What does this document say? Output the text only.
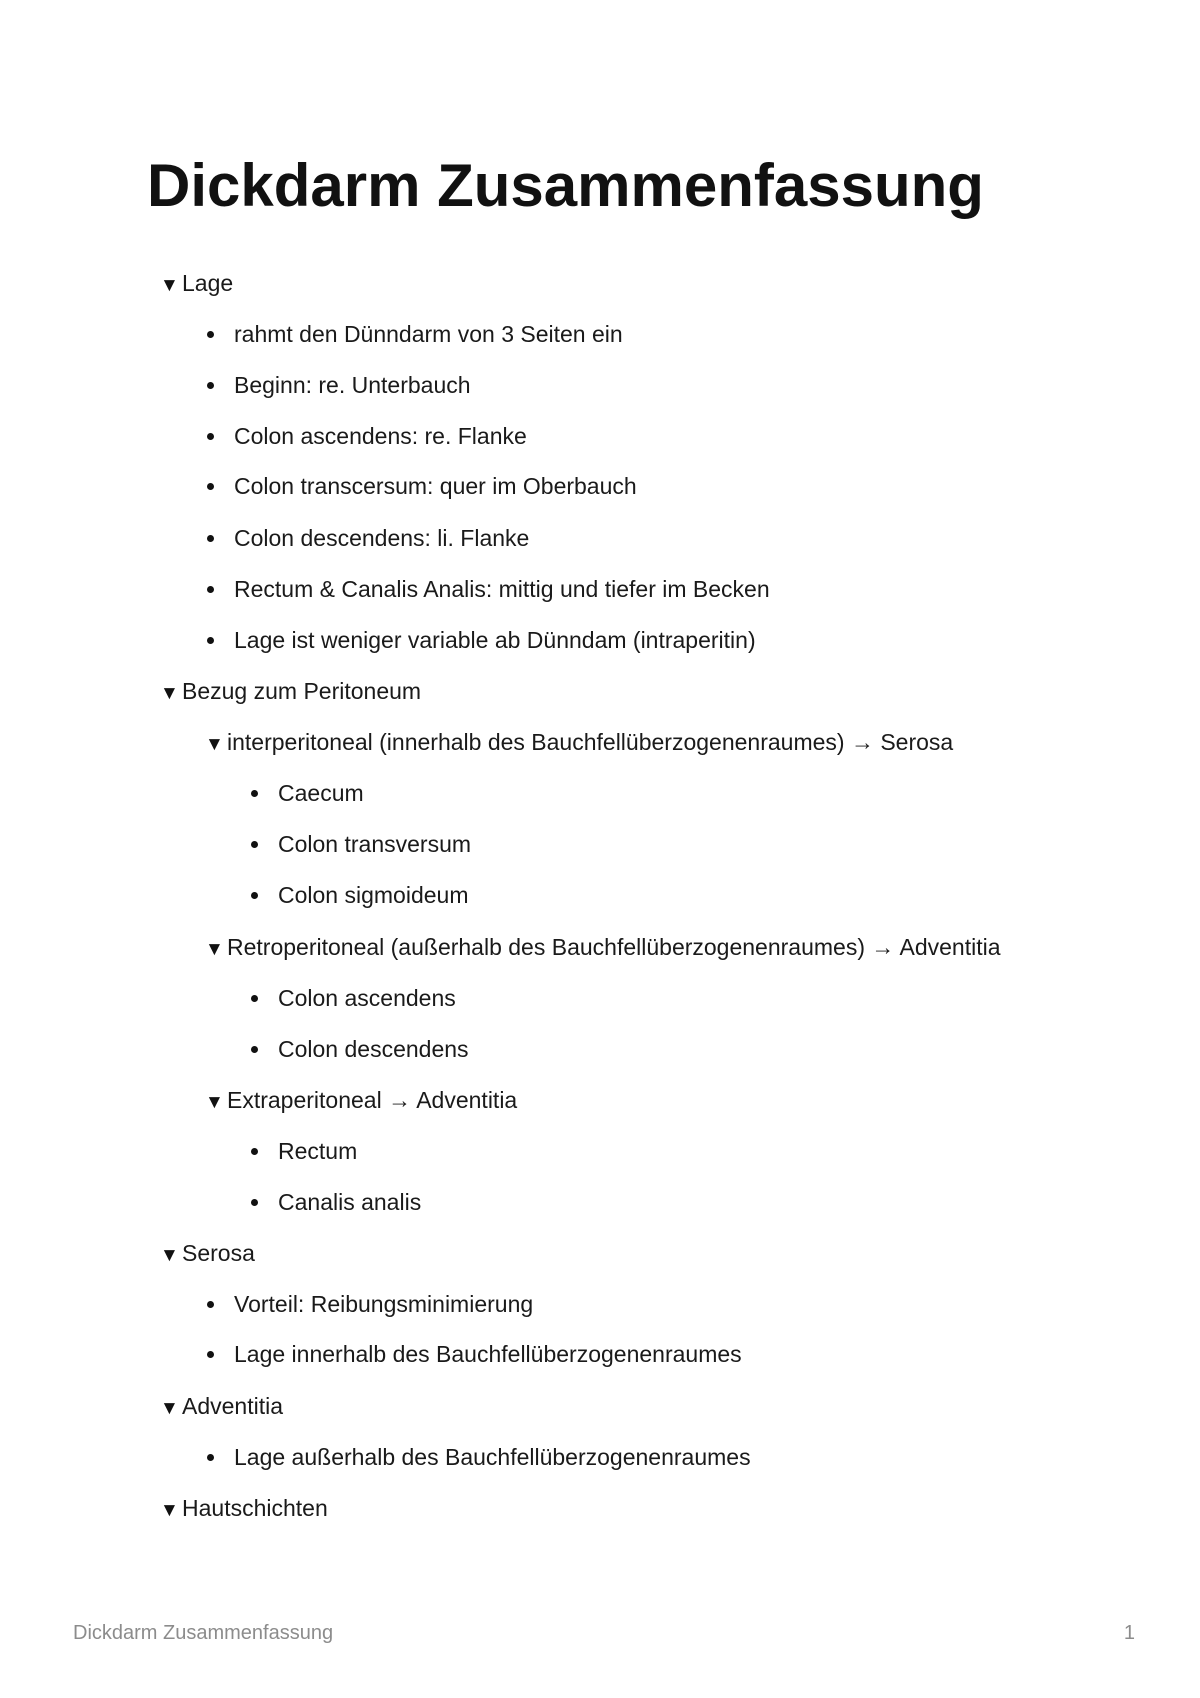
Dickdarm Zusammenfassung
▼ Lage
rahmt den Dünndarm von 3 Seiten ein
Beginn: re. Unterbauch
Colon ascendens: re. Flanke
Colon transcersum: quer im Oberbauch
Colon descendens: li. Flanke
Rectum & Canalis Analis: mittig und tiefer im Becken
Lage ist weniger variable ab Dünndam (intraperitin)
▼ Bezug zum Peritoneum
▼ interperitoneal (innerhalb des Bauchfellüberzogenenraumes) → Serosa
Caecum
Colon transversum
Colon sigmoideum
▼ Retroperitoneal (außerhalb des Bauchfellüberzogenenraumes) → Adventitia
Colon ascendens
Colon descendens
▼ Extraperitoneal → Adventitia
Rectum
Canalis analis
▼ Serosa
Vorteil: Reibungsminimierung
Lage innerhalb des Bauchfellüberzogenenraumes
▼ Adventitia
Lage außerhalb des Bauchfellüberzogenenraumes
▼ Hautschichten
Dickdarm Zusammenfassung	1
